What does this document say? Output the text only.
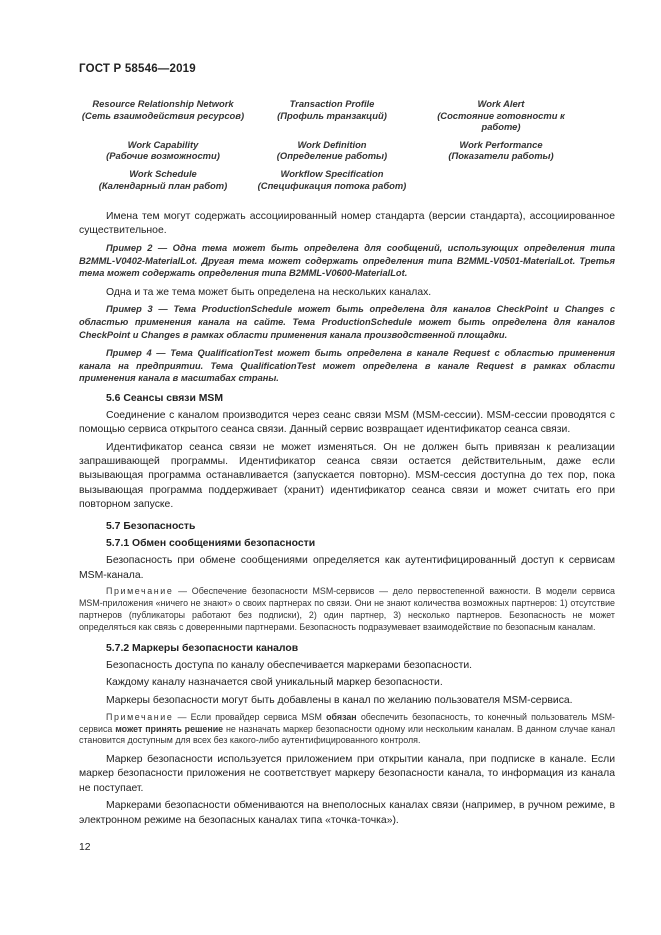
ГОСТ Р 58546—2019
Resource Relationship Network
(Сеть взаимодействия ресурсов)
Transaction Profile
(Профиль транзакций)
Work Alert
(Состояние готовности к работе)
Work Capability
(Рабочие возможности)
Work Definition
(Определение работы)
Work Performance
(Показатели работы)
Work Schedule
(Календарный план работ)
Workflow Specification
(Спецификация потока работ)

Имена тем могут содержать ассоциированный номер стандарта (версии стандарта), ассоциированное существительное.

Пример 2 — Одна тема может быть определена для сообщений, использующих определения типа B2MML-V0402-MaterialLot. Другая тема может содержать определения типа B2MML-V0501-MaterialLot. Третья тема может содержать определения типа B2MML-V0600-MaterialLot.

Одна и та же тема может быть определена на нескольких каналах.

Пример 3 — Тема ProductionSchedule может быть определена для каналов CheckPoint и Changes с областью применения канала на сайте. Тема ProductionSchedule может быть определена для каналов CheckPoint и Changes в рамках области применения канала производственной площадки.

Пример 4 — Тема QualificationTest может быть определена в канале Request с областью применения канала на предприятии. Тема QualificationTest может определена в канале Request в рамках области применения канала в масштабах страны.

5.6 Сеансы связи MSM

Соединение с каналом производится через сеанс связи MSM (MSM-сессии). MSM-сессии проводятся с помощью сервиса открытого сеанса связи. Данный сервис возвращает идентификатор сеанса связи.

Идентификатор сеанса связи не может изменяться. Он не должен быть привязан к реализации запрашивающей программы. Идентификатор сеанса связи остается действительным, даже если вызывающая программа останавливается (запускается повторно). MSM-сессия доступна до тех пор, пока вызывающая программа поддерживает (хранит) идентификатор сеанса связи и может считать его при повторном запуске.

5.7 Безопасность
5.7.1 Обмен сообщениями безопасности

Безопасность при обмене сообщениями определяется как аутентифицированный доступ к сервисам MSM-канала.

Примечание — Обеспечение безопасности MSM-сервисов — дело первостепенной важности. В модели сервиса MSM-приложения «ничего не знают» о своих партнерах по связи. Они не знают количества возможных партнеров: 1) отсутствие партнеров (публикаторы работают без подписки), 2) один партнер, 3) несколько партнеров. Безопасность не может определяться как связь с доверенными партнерами. Безопасность подразумевает взаимодействие по безопасным каналам.

5.7.2 Маркеры безопасности каналов

Безопасность доступа по каналу обеспечивается маркерами безопасности.

Каждому каналу назначается свой уникальный маркер безопасности.

Маркеры безопасности могут быть добавлены в канал по желанию пользователя MSM-сервиса.

Примечание — Если провайдер сервиса MSM обязан обеспечить безопасность, то конечный пользователь MSM-сервиса может принять решение не назначать маркер безопасности одному или нескольким каналам. В данном случае канал становится доступным для всех без какого-либо аутентифицированного контроля.

Маркер безопасности используется приложением при открытии канала, при подписке в канале. Если маркер безопасности приложения не соответствует маркеру безопасности канала, то информация из канала не поступает.

Маркерами безопасности обмениваются на внеполосных каналах связи (например, в ручном режиме, в электронном режиме на безопасных каналах типа «точка-точка»).

12
